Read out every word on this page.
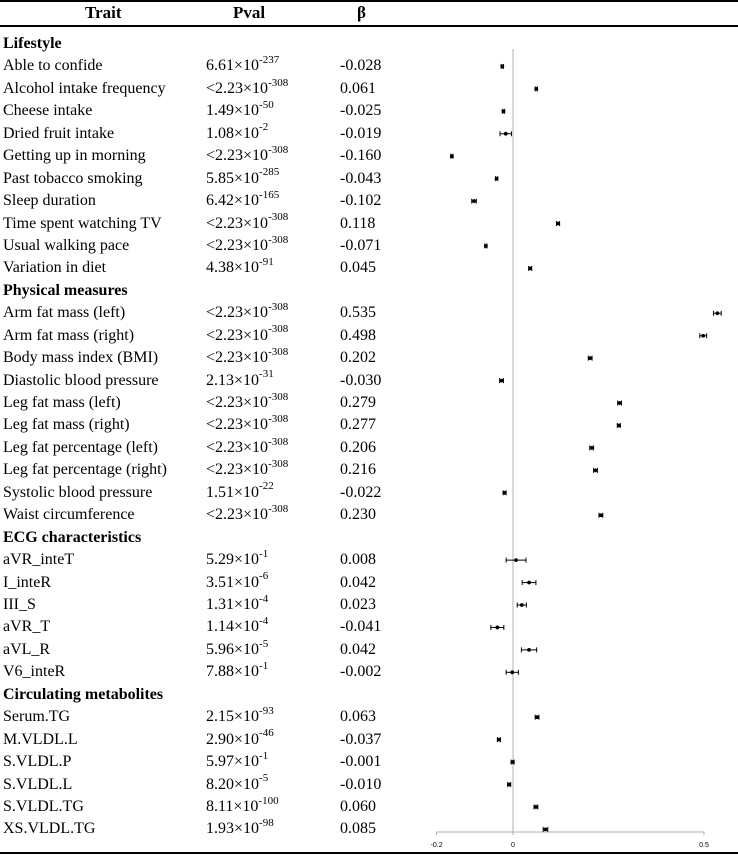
Trait	Pval	β
Lifestyle
Able to confide	$6.61\times 10^{-237}$	-0.028
Alcohol intake frequency	$<2.23\times 10^{-308}$	0.061
Cheese intake	$1.49\times 10^{-50}$	-0.025
Dried fruit intake	$1.08\times 10^{-2}$	-0.019
Getting up in morning	$<2.23\times 10^{-308}$	-0.160
Past tobacco smoking	$5.85\times 10^{-285}$	-0.043
Sleep duration	$6.42\times 10^{-165}$	-0.102
Time spent watching TV	$<2.23\times 10^{-308}$	0.118
Usual walking pace	$<2.23\times 10^{-308}$	-0.071
Variation in diet	$4.38\times 10^{-91}$	0.045
Physical measures
Arm fat mass (left)	$<2.23\times 10^{-308}$	0.535
Arm fat mass (right)	$<2.23\times 10^{-308}$	0.498
Body mass index (BMI)	$<2.23\times 10^{-308}$	0.202
Diastolic blood pressure	$2.13\times 10^{-31}$	-0.030
Leg fat mass (left)	$<2.23\times 10^{-308}$	0.279
Leg fat mass (right)	$<2.23\times 10^{-308}$	0.277
Leg fat percentage (left)	$<2.23\times 10^{-308}$	0.206
Leg fat percentage (right) $<2.23\times 10^{-308}$	0.216
Systolic blood pressure	$1.51\times 10^{-22}$	-0.022
Waist circumference	$<2.23\times 10^{-308}$	0.230
ECG characteristics
aVR_inteT	$5.29\times 10^{-1}$	0.008
I_inteR	$3.51\times 10^{-6}$	0.042
III_S	$1.31\times 10^{-4}$	0.023
aVR_T	$1.14\times 10^{-4}$	-0.041
aVL_R	$5.96\times 10^{-5}$	0.042
V6_inteR	$7.88\times 10^{-1}$	-0.002
Circulating metabolites
Serum.TG	$2.15\times 10^{-93}$	0.063
M.VLDL.L	$2.90\times 10^{-46}$	-0.037
S.VLDL.P	$5.97\times 10^{-1}$	-0.001
S.VLDL.L	$8.20\times 10^{-5}$	-0.010
S.VLDL.TG	$8.11\times 10^{-100}$	0.060
XS.VLDL.TG	$1.93\times 10^{-98}$	0.085
-0.2	0	0.5
